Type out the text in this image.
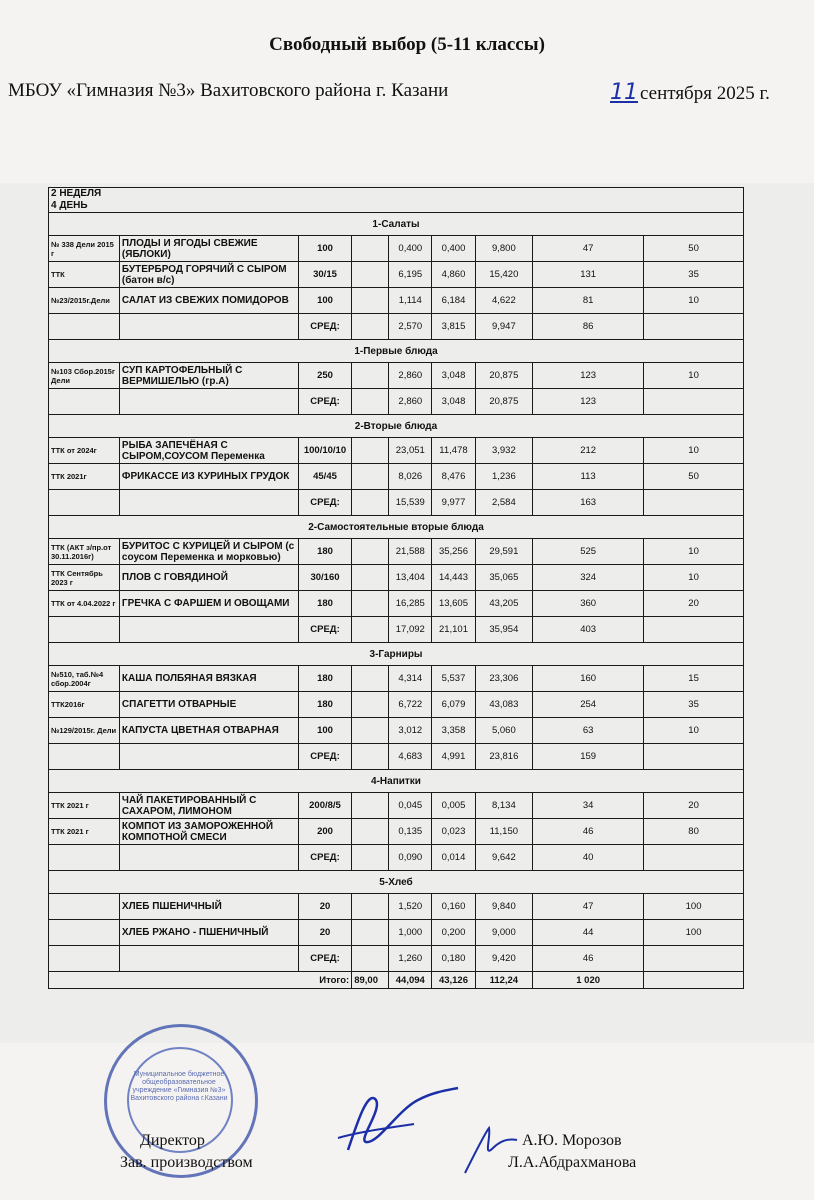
Свободный выбор (5-11 классы)
МБОУ «Гимназия №3» Вахитовского района г. Казани	11 сентября 2025 г.
2 НЕДЕЛЯ
4 ДЕНЬ								

1-Салаты								
№ 338 Дели 2015 г	ПЛОДЫ И ЯГОДЫ СВЕЖИЕ (ЯБЛОКИ)	100		0,400	0,400	9,800	47	50
ТТК	БУТЕРБРОД ГОРЯЧИЙ С СЫРОМ (батон в/с)	30/15		6,195	4,860	15,420	131	35
№23/2015г.Дели	САЛАТ ИЗ СВЕЖИХ ПОМИДОРОВ	100		1,114	6,184	4,622	81	10
		СРЕД:		2,570	3,815	9,947	86	
1-Первые блюда								
№103 Сбор.2015г Дели	СУП КАРТОФЕЛЬНЫЙ С ВЕРМИШЕЛЬЮ (гр.А)	250		2,860	3,048	20,875	123	10
		СРЕД:		2,860	3,048	20,875	123	
2-Вторые блюда								
ТТК от 2024г	РЫБА ЗАПЕЧЁНАЯ С СЫРОМ,СОУСОМ Переменка	100/10/10		23,051	11,478	3,932	212	10
ТТК 2021г	ФРИКАССЕ ИЗ КУРИНЫХ ГРУДОК	45/45		8,026	8,476	1,236	113	50
		СРЕД:		15,539	9,977	2,584	163	
2-Самостоятельные вторые блюда								
ТТК (АКТ з/пр.от 30.11.2016г)	БУРИТОС С КУРИЦЕЙ И СЫРОМ (с соусом Переменка и морковью)	180		21,588	35,256	29,591	525	10
ТТК Сентябрь 2023 г	ПЛОВ С ГОВЯДИНОЙ	30/160		13,404	14,443	35,065	324	10
ТТК от 4.04.2022 г	ГРЕЧКА С ФАРШЕМ И ОВОЩАМИ	180		16,285	13,605	43,205	360	20
		СРЕД:		17,092	21,101	35,954	403	
3-Гарниры								
№510, таб.№4 сбор.2004г	КАША ПОЛБЯНАЯ ВЯЗКАЯ	180		4,314	5,537	23,306	160	15
ТТК2016г	СПАГЕТТИ ОТВАРНЫЕ	180		6,722	6,079	43,083	254	35
№129/2015г. Дели	КАПУСТА ЦВЕТНАЯ ОТВАРНАЯ	100		3,012	3,358	5,060	63	10
		СРЕД:		4,683	4,991	23,816	159	
4-Напитки								
ТТК 2021 г	ЧАЙ ПАКЕТИРОВАННЫЙ С САХАРОМ, ЛИМОНОМ	200/8/5		0,045	0,005	8,134	34	20
ТТК 2021 г	КОМПОТ ИЗ ЗАМОРОЖЕННОЙ КОМПОТНОЙ СМЕСИ	200		0,135	0,023	11,150	46	80
		СРЕД:		0,090	0,014	9,642	40	
5-Хлеб								
	ХЛЕБ ПШЕНИЧНЫЙ	20		1,520	0,160	9,840	47	100
	ХЛЕБ РЖАНО - ПШЕНИЧНЫЙ	20		1,000	0,200	9,000	44	100
		СРЕД:		1,260	0,180	9,420	46	
Итого:			89,00	44,094	43,126	112,24	1 020	
Муниципальное бюджетное общеобразовательное учреждение «Гимназия №3» Вахитовского района г.Казани
Директор	А.Ю. Морозов
Зав. производством	Л.А.Абдрахманова
